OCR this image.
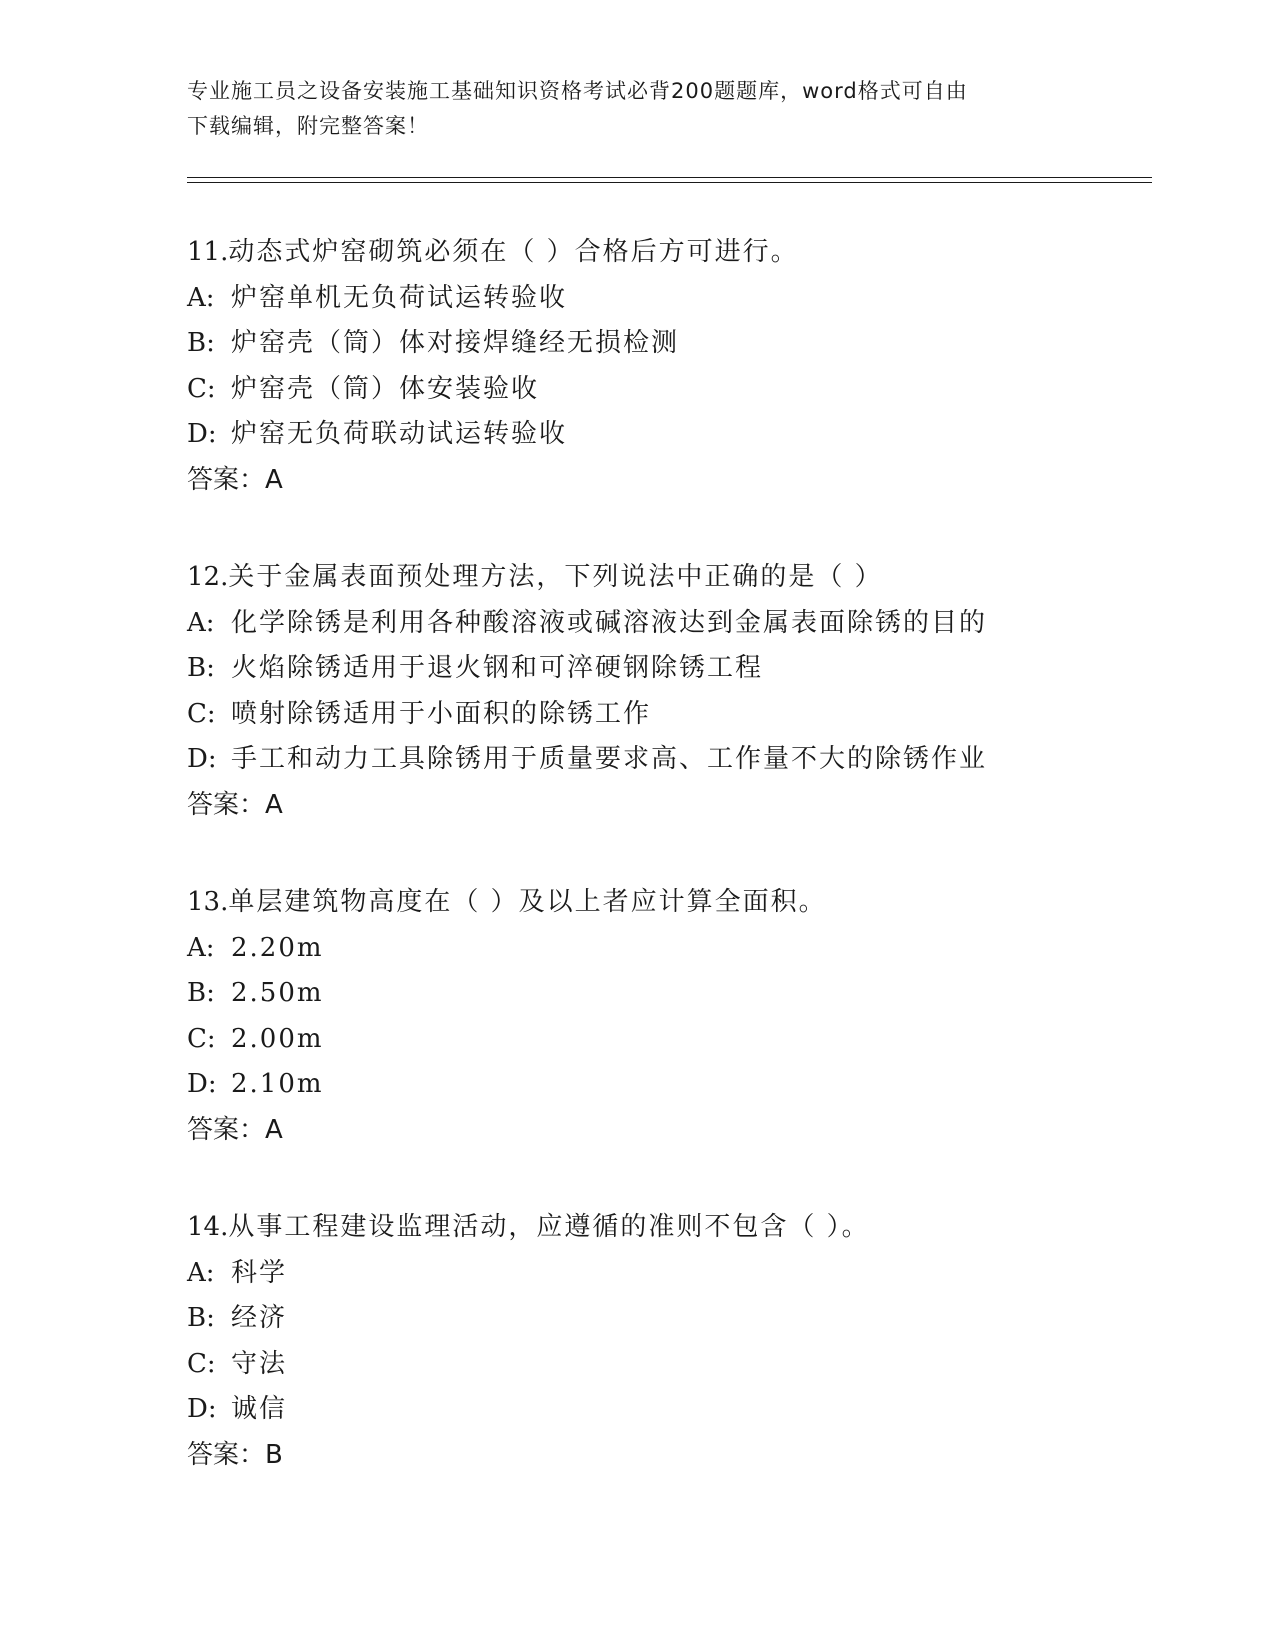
专业施工员之设备安装施工基础知识资格考试必背200题题库，word格式可自由
下载编辑，附完整答案！
11.动态式炉窑砌筑必须在（ ）合格后方可进行。
A: 炉窑单机无负荷试运转验收
B: 炉窑壳（筒）体对接焊缝经无损检测
C: 炉窑壳（筒）体安装验收
D: 炉窑无负荷联动试运转验收
答案：A
12.关于金属表面预处理方法，下列说法中正确的是（ ）
A: 化学除锈是利用各种酸溶液或碱溶液达到金属表面除锈的目的
B: 火焰除锈适用于退火钢和可淬硬钢除锈工程
C: 喷射除锈适用于小面积的除锈工作
D: 手工和动力工具除锈用于质量要求高、工作量不大的除锈作业
答案：A
13.单层建筑物高度在（ ）及以上者应计算全面积。
A: 2.20m
B: 2.50m
C: 2.00m
D: 2.10m
答案：A
14.从事工程建设监理活动，应遵循的准则不包含（ ）。
A: 科学
B: 经济
C: 守法
D: 诚信
答案：B
